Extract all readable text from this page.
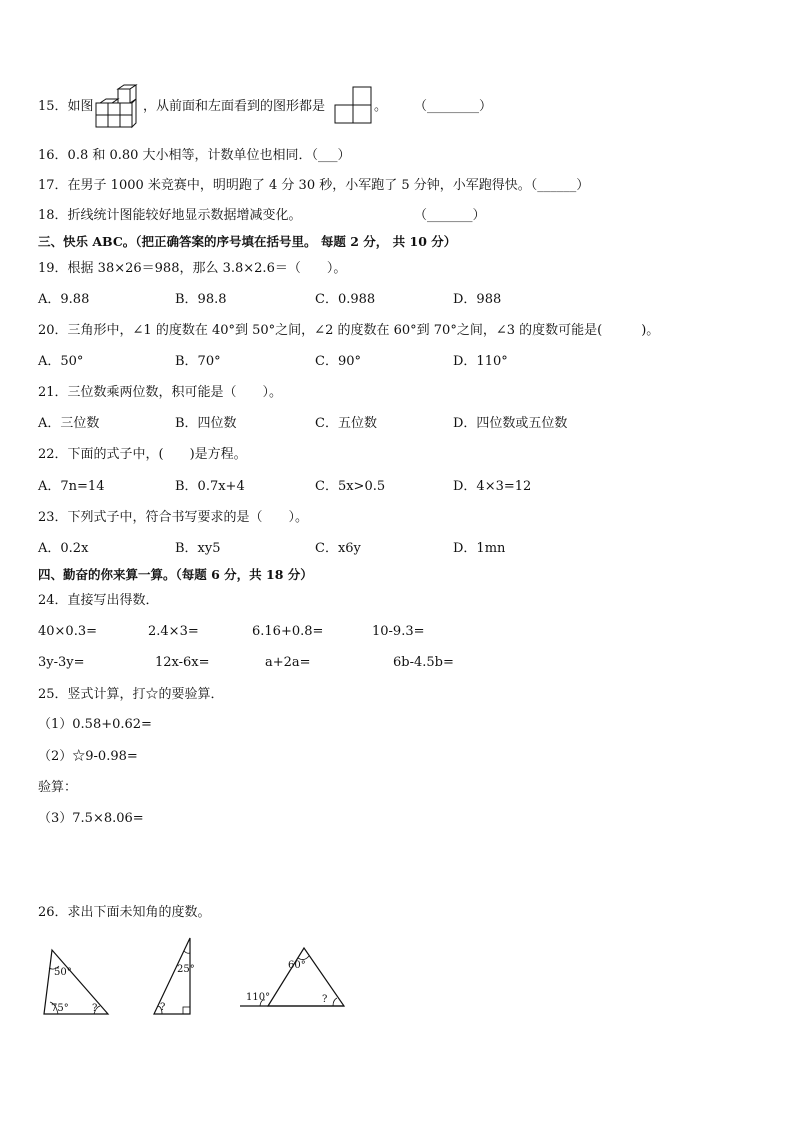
15．如图	，从前面和左面看到的图形都是	。 （________）
16．0.8 和 0.80 大小相等，计数单位也相同．（___）
17．在男子 1000 米竞赛中，明明跑了 4 分 30 秒，小军跑了 5 分钟，小军跑得快。（______）
18．折线统计图能较好地显示数据增减变化。	（_______）
三、快乐 ABC。（把正确答案的序号填在括号里。 每题 2 分， 共 10 分）
19．根据 38×26＝988，那么 3.8×2.6＝（　　）。
A．9.88	B．98.8	C．0.988	D．988
20．三角形中，∠1 的度数在 40°到 50°之间，∠2 的度数在 60°到 70°之间，∠3 的度数可能是(　　　)。
A．50°	B．70°	C．90°	D．110°
21．三位数乘两位数，积可能是（　　）。
A．三位数	B．四位数	C．五位数	D．四位数或五位数
22．下面的式子中，(　　)是方程。
A．7n=14	B．0.7x+4	C．5x>0.5	D．4×3=12
23．下列式子中，符合书写要求的是（　　）。
A．0.2x	B．xy5	C．x6y	D．1mn
四、勤奋的你来算一算。（每题 6 分，共 18 分）
24．直接写出得数．
40×0.3=	2.4×3=	6.16+0.8=	10-9.3=
3y-3y=	12x-6x=	a+2a=	6b-4.5b=
25．竖式计算，打☆的要验算．
（1）0.58+0.62=
（2）☆9-0.98=
验算：
（3）7.5×8.06=
26．求出下面未知角的度数。
50°
75° ?
25°
?
60°
110°	?
